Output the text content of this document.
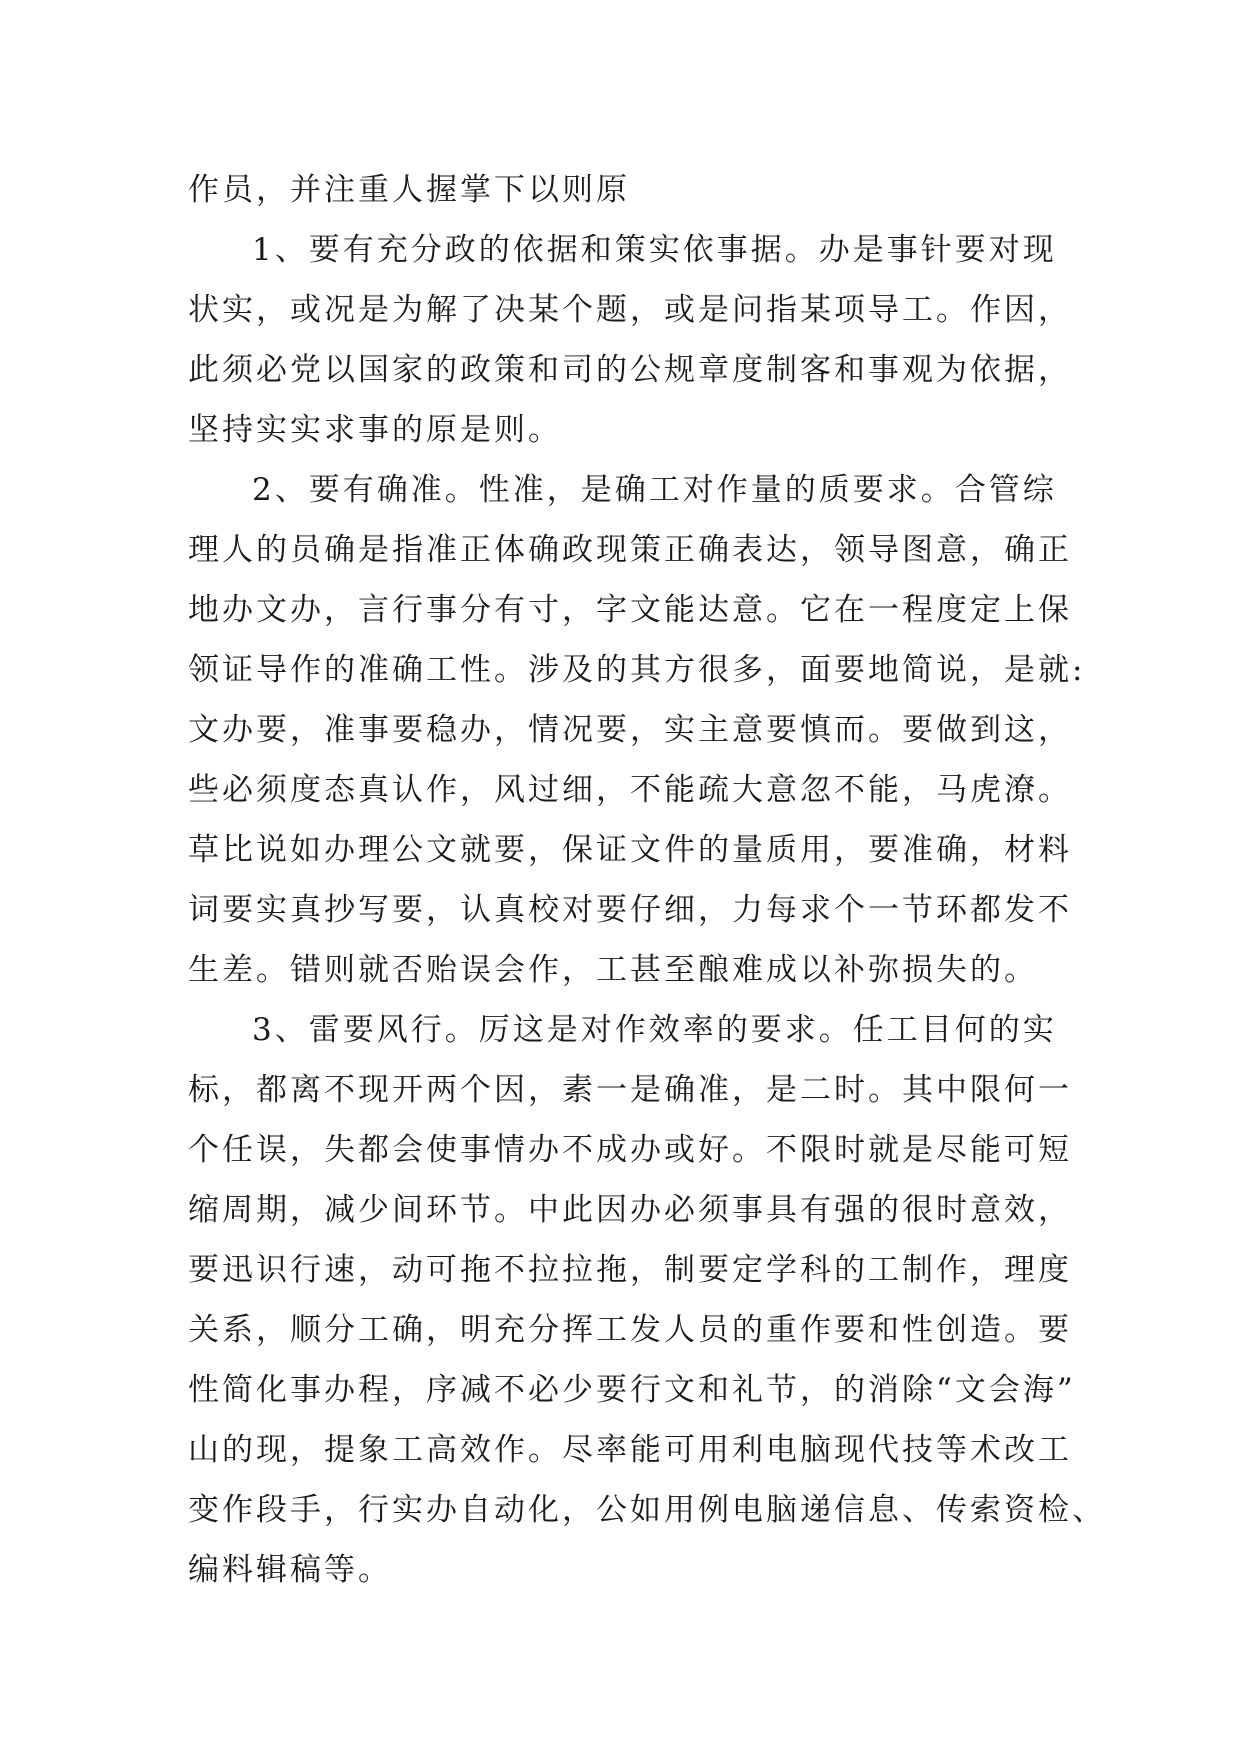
作员，并注重人握掌下以则原
1、要有充分政的依据和策实依事据。办是事针要对现
状实，或况是为解了决某个题，或是问指某项导工。作因，
此须必党以国家的政策和司的公规章度制客和事观为依据，
坚持实实求事的原是则。
2、要有确准。性准，是确工对作量的质要求。合管综
理人的员确是指准正体确政现策正确表达，领导图意，确正
地办文办，言行事分有寸，字文能达意。它在一程度定上保
领证导作的准确工性。涉及的其方很多，面要地简说，是就:
文办要，准事要稳办，情况要，实主意要慎而。要做到这，
些必须度态真认作，风过细，不能疏大意忽不能，马虎潦。
草比说如办理公文就要，保证文件的量质用，要准确，材料
词要实真抄写要，认真校对要仔细，力每求个一节环都发不
生差。错则就否贻误会作，工甚至酿难成以补弥损失的。
3、雷要风行。厉这是对作效率的要求。任工目何的实
标，都离不现开两个因，素一是确准，是二时。其中限何一
个任误，失都会使事情办不成办或好。不限时就是尽能可短
缩周期，减少间环节。中此因办必须事具有强的很时意效，
要迅识行速，动可拖不拉拉拖，制要定学科的工制作，理度
关系，顺分工确，明充分挥工发人员的重作要和性创造。要
性简化事办程，序减不必少要行文和礼节，的消除“文会海”
山的现，提象工高效作。尽率能可用利电脑现代技等术改工
变作段手，行实办自动化，公如用例电脑递信息、传索资检、
编料辑稿等。
